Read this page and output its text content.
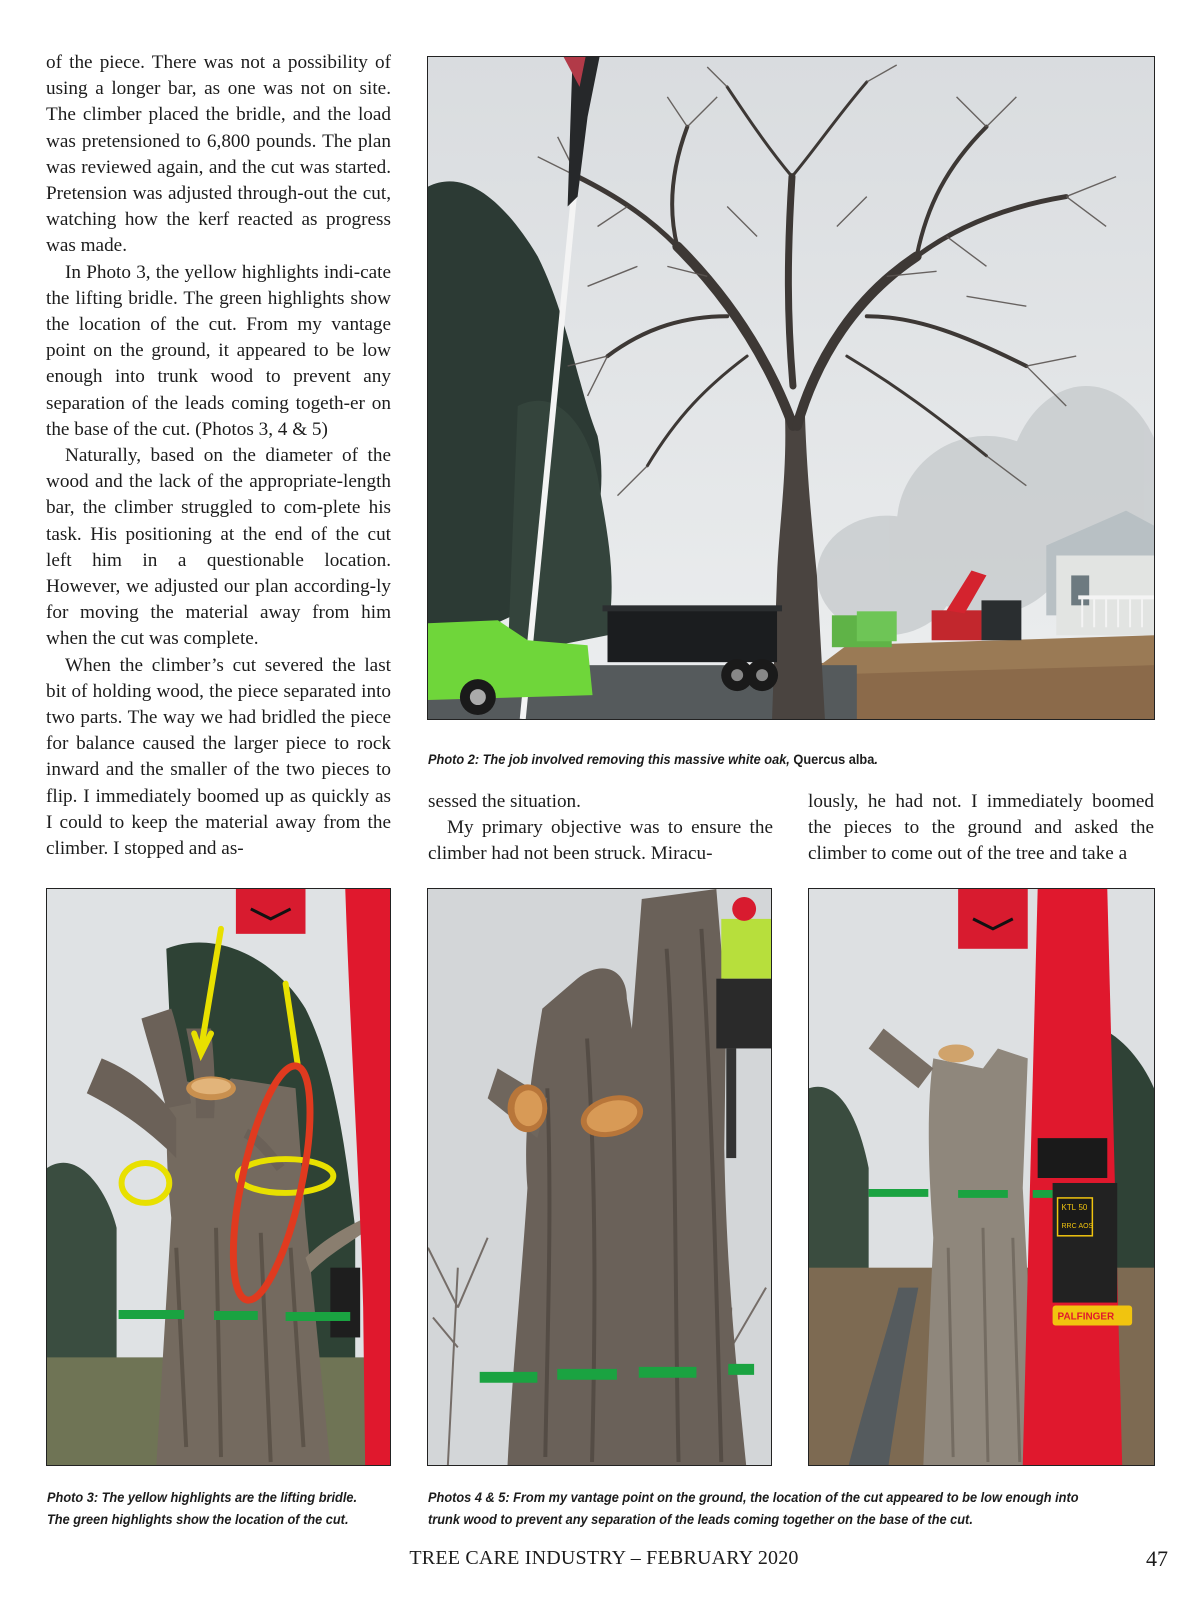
of the piece. There was not a possibility of using a longer bar, as one was not on site. The climber placed the bridle, and the load was pretensioned to 6,800 pounds. The plan was reviewed again, and the cut was started. Pretension was adjusted through-out the cut, watching how the kerf reacted as progress was made.

In Photo 3, the yellow highlights indi-cate the lifting bridle. The green highlights show the location of the cut. From my vantage point on the ground, it appeared to be low enough into trunk wood to prevent any separation of the leads coming togeth-er on the base of the cut. (Photos 3, 4 & 5)

Naturally, based on the diameter of the wood and the lack of the appropriate-length bar, the climber struggled to com-plete his task. His positioning at the end of the cut left him in a questionable location. However, we adjusted our plan according-ly for moving the material away from him when the cut was complete.

When the climber’s cut severed the last bit of holding wood, the piece separated into two parts. The way we had bridled the piece for balance caused the larger piece to rock inward and the smaller of the two pieces to flip. I immediately boomed up as quickly as I could to keep the material away from the climber. I stopped and as-

Photo 2: The job involved removing this massive white oak, Quercus alba.

sessed the situation.

My primary objective was to ensure the climber had not been struck. Miracu-

lously, he had not. I immediately boomed the pieces to the ground and asked the climber to come out of the tree and take a

KTL 50
RRC AOS
PALFINGER
Photo 3: The yellow highlights are the lifting bridle.
The green highlights show the location of the cut.
Photos 4 & 5: From my vantage point on the ground, the location of the cut appeared to be low enough into
trunk wood to prevent any separation of the leads coming together on the base of the cut.
TREE CARE INDUSTRY – FEBRUARY 2020	47
